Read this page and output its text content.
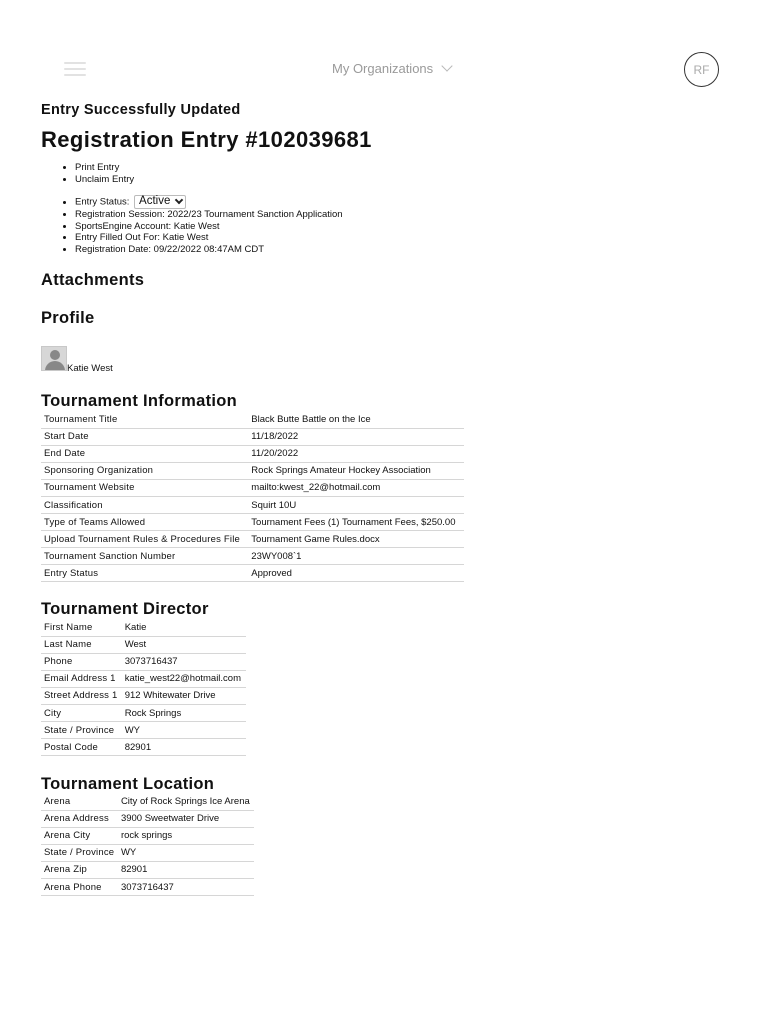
My Organizations	RF
Entry Successfully Updated
Registration Entry #102039681
• Print Entry
• Unclaim Entry
• Entry Status: Active
• Registration Session: 2022/23 Tournament Sanction Application
• SportsEngine Account: Katie West
• Entry Filled Out For: Katie West
• Registration Date: 09/22/2022 08:47AM CDT
Attachments
Profile
Katie West
Tournament Information
Tournament Title	Black Butte Battle on the Ice
Start Date	11/18/2022
End Date	11/20/2022
Sponsoring Organization	Rock Springs Amateur Hockey Association
Tournament Website	mailto:kwest_22@hotmail.com
Classification	Squirt 10U
Type of Teams Allowed	Tournament Fees (1) Tournament Fees, $250.00
Upload Tournament Rules & Procedures File	Tournament Game Rules.docx
Tournament Sanction Number	23WY008`1
Entry Status	Approved
Tournament Director
First Name	Katie
Last Name	West
Phone	3073716437
Email Address 1	katie_west22@hotmail.com
Street Address 1	912 Whitewater Drive
City	Rock Springs
State / Province	WY
Postal Code	82901
Tournament Location
Arena	City of Rock Springs Ice Arena
Arena Address	3900 Sweetwater Drive
Arena City	rock springs
State / Province	WY
Arena Zip	82901
Arena Phone	3073716437
